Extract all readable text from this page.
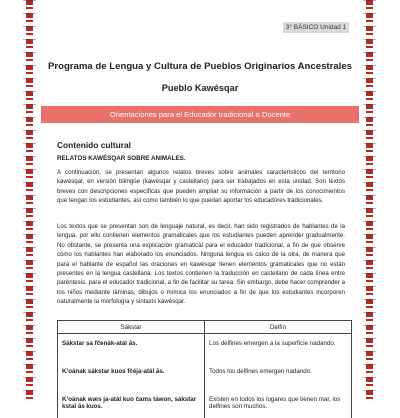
3° BÁSICO Unidad 1
Programa de Lengua y Cultura de Pueblos Originarios Ancestrales
Pueblo Kawésqar
Orientaciones para el Educador tradicional o Docente
Contenido cultural
RELATOS KAWÉSQAR SOBRE ANIMALES.
A continuación, se presentan algunos relatos breves sobre animales característicos del territorio kawésqar, en versión bilingüe (kawésqar y castellano) para ser trabajados en esta unidad. Son textos breves con descripciones específicas que pueden ampliar su información a partir de los conocimientos que tengan los estudiantes, así como también lo que puedan aportar los educadores tradicionales.
Los textos que se presentan son de lenguaje natural, es decir, han sido registrados de hablantes de la lengua, por ello contienen elementos gramaticales que los estudiantes pueden aprender gradualmente. No obstante, se presenta una explicación gramatical para el educador tradicional, a fin de que observe cómo los hablantes han elaborado los enunciados. Ninguna lengua es calco de la otra, de manera que para el hablante de español las oraciones en kawésqar tienen elementos gramaticales que no están presentes en la lengua castellana. Los textos contienen la traducción en castellano de cada línea entre paréntesis, para el educador tradicional, a fin de facilitar su tarea. Sin embargo, debe hacer comprender a los niños mediante láminas, dibujos o mímica los enunciados a fin de que los estudiantes incorporen naturalmente la morfología y sintaxis kawésqar.
Sákstar	Delfín
Sákstar ṣa fčenák-atál ās.	Los delfines emergen a la superficie nadando.
K’oának sákstar kuos fčéja-atál ās.	Todos los delfines emergen nadando.
K’oának wæs ja-atál kuo čams táwon, sákstar kstal ās kuos.	Existen en todos los lugares que tienen mar, los delfines son muchos.
